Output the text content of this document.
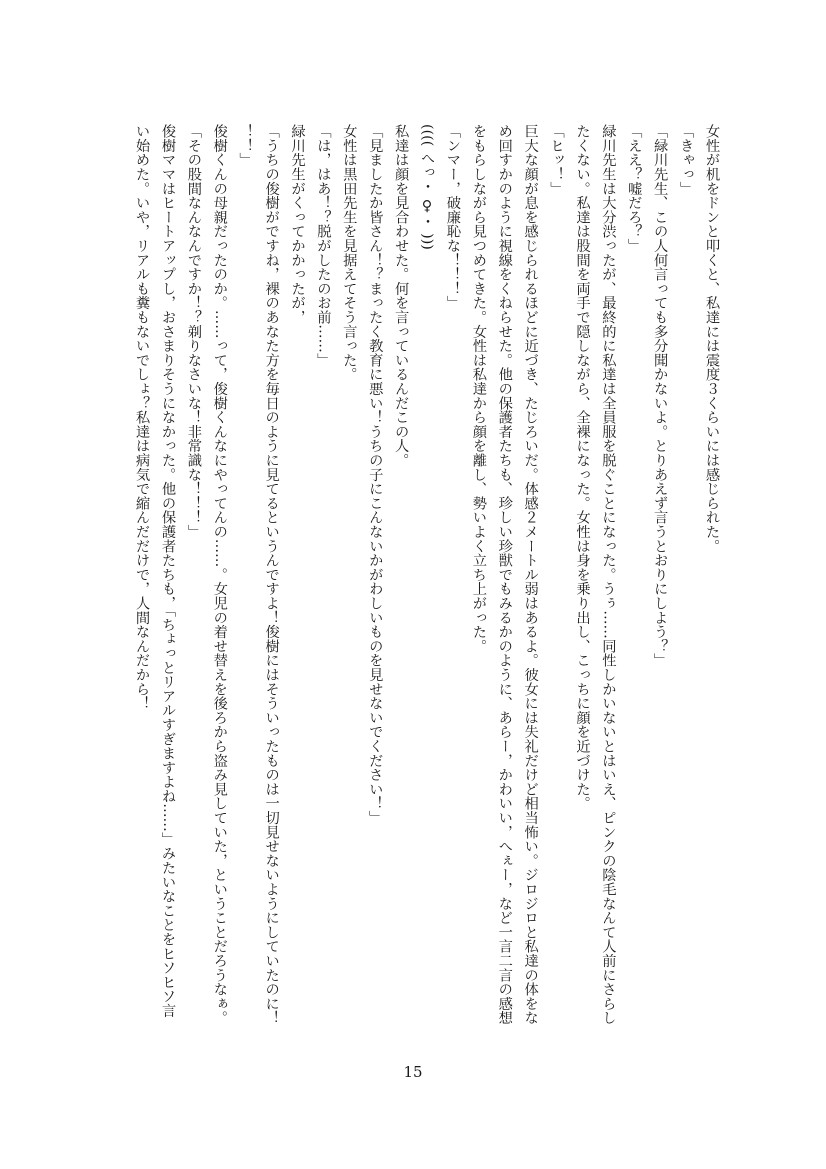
女性が机をドンと叩くと、私達には震度３くらいには感じられた。
「きゃっ」
「緑川先生、この人何言っても多分聞かないよ。とりあえず言うとおりにしよう？」
「ええ？嘘だろ？」
緑川先生は大分渋ったが、最終的に私達は全員服を脱ぐことになった。うぅ……同性しかいないとはいえ、ピンクの陰毛なんて人前にさらしたくない。私達は股間を両手で隠しながら、全裸になった。女性は身を乗り出し、こっちに顔を近づけた。
「ヒッ！」
巨大な顔が息を感じられるほどに近づき、たじろいだ。体感２メートル弱はあるよ。彼女には失礼だけど相当怖い。ジロジロと私達の体をなめ回すかのように視線をくねらせた。他の保護者たちも、珍しい珍獣でもみるかのように、あらー，かわいい，へぇー，など一言二言の感想をもらしながら見つめてきた。女性は私達から顔を離し、勢いよく立ち上がった。
「ンマー，破廉恥な！！！」
(((( へっ・ ♀・ )))
私達は顔を見合わせた。何を言っているんだこの人。
「見ましたか皆さん！？まったく教育に悪い！うちの子にこんないかがわしいものを見せないでください！」
女性は黒田先生を見据えてそう言った。
「は，はあ！？脱がしたのお前……」
緑川先生がくってかかったが，
「うちの俊樹がですね，裸のあなた方を毎日のように見てるというんですよ！俊樹にはそういったものは一切見せないようにしていたのに！！！」
俊樹くんの母親だったのか。……って，俊樹くんなにやってんの……。女児の着せ替えを後ろから盗み見していた，ということだろうなぁ。
「その股間なんなんですか！？剃りなさいな！非常識な！！！」
俊樹ママはヒートアップし，おさまりそうになかった。他の保護者たちも，「ちょっとリアルすぎますよね……」みたいなことをヒソヒソ言い始めた。いや，リアルも糞もないでしょ？私達は病気で縮んだだけで，人間なんだから！
15
